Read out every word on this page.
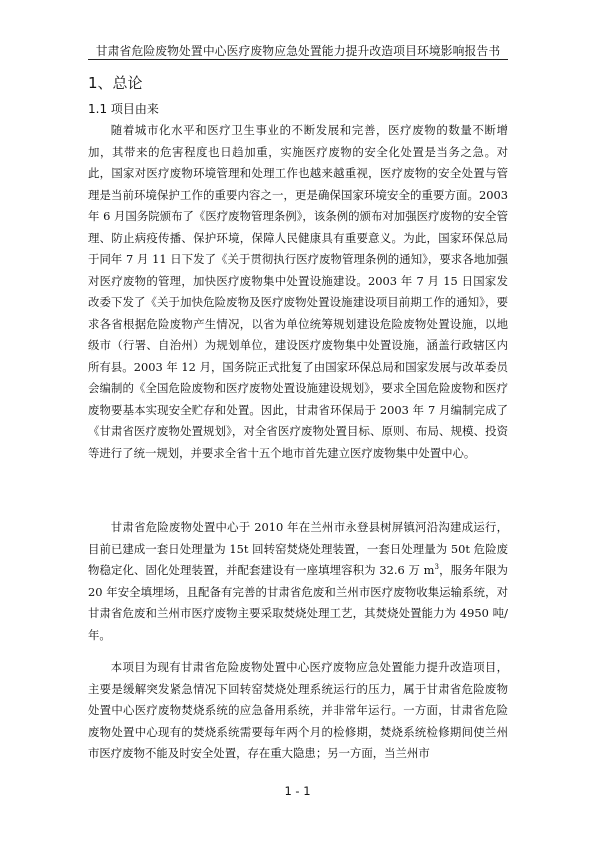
甘肃省危险废物处置中心医疗废物应急处置能力提升改造项目环境影响报告书
1、总论
1.1 项目由来
随着城市化水平和医疗卫生事业的不断发展和完善，医疗废物的数量不断增加，其带来的危害程度也日趋加重，实施医疗废物的安全化处置是当务之急。对此，国家对医疗废物环境管理和处理工作也越来越重视，医疗废物的安全处置与管理是当前环境保护工作的重要内容之一，更是确保国家环境安全的重要方面。2003 年 6 月国务院颁布了《医疗废物管理条例》，该条例的颁布对加强医疗废物的安全管理、防止病疫传播、保护环境，保障人民健康具有重要意义。为此，国家环保总局于同年 7 月 11 日下发了《关于贯彻执行医疗废物管理条例的通知》，要求各地加强对医疗废物的管理，加快医疗废物集中处置设施建设。2003 年 7 月 15 日国家发改委下发了《关于加快危险废物及医疗废物处置设施建设项目前期工作的通知》，要求各省根据危险废物产生情况，以省为单位统筹规划建设危险废物处置设施，以地级市（行署、自治州）为规划单位，建设医疗废物集中处置设施，涵盖行政辖区内所有县。2003 年 12 月，国务院正式批复了由国家环保总局和国家发展与改革委员会编制的《全国危险废物和医疗废物处置设施建设规划》，要求全国危险废物和医疗废物要基本实现安全贮存和处置。因此，甘肃省环保局于 2003 年 7 月编制完成了《甘肃省医疗废物处置规划》，对全省医疗废物处置目标、原则、布局、规模、投资等进行了统一规划，并要求全省十五个地市首先建立医疗废物集中处置中心。
甘肃省危险废物处置中心于 2010 年在兰州市永登县树屏镇河沿沟建成运行，目前已建成一套日处理量为 15t 回转窑焚烧处理装置，一套日处理量为 50t 危险废物稳定化、固化处理装置，并配套建设有一座填埋容积为 32.6 万 $m^3$，服务年限为 20 年安全填埋场，且配备有完善的甘肃省危废和兰州市医疗废物收集运输系统，对甘肃省危废和兰州市医疗废物主要采取焚烧处理工艺，其焚烧处置能力为 4950 吨/年。
本项目为现有甘肃省危险废物处置中心医疗废物应急处置能力提升改造项目，主要是缓解突发紧急情况下回转窑焚烧处理系统运行的压力，属于甘肃省危险废物处置中心医疗废物焚烧系统的应急备用系统，并非常年运行。一方面，甘肃省危险废物处置中心现有的焚烧系统需要每年两个月的检修期，焚烧系统检修期间使兰州市医疗废物不能及时安全处置，存在重大隐患；另一方面，当兰州市
1 - 1
